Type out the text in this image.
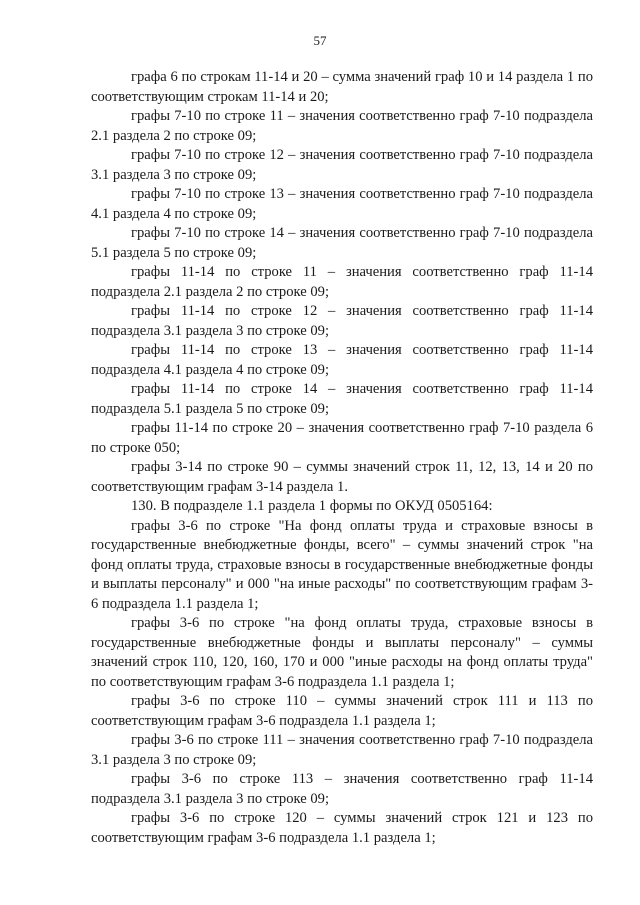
57

графа 6 по строкам 11-14 и 20 – сумма значений граф 10 и 14 раздела 1 по соответствующим строкам 11-14 и 20;

графы 7-10 по строке 11 – значения соответственно граф 7-10 подраздела 2.1 раздела 2 по строке 09;

графы 7-10 по строке 12 – значения соответственно граф 7-10 подраздела 3.1 раздела 3 по строке 09;

графы 7-10 по строке 13 – значения соответственно граф 7-10 подраздела 4.1 раздела 4 по строке 09;

графы 7-10 по строке 14 – значения соответственно граф 7-10 подраздела 5.1 раздела 5 по строке 09;

графы 11-14 по строке 11 – значения соответственно граф 11-14 подраздела 2.1 раздела 2 по строке 09;

графы 11-14 по строке 12 – значения соответственно граф 11-14 подраздела 3.1 раздела 3 по строке 09;

графы 11-14 по строке 13 – значения соответственно граф 11-14 подраздела 4.1 раздела 4 по строке 09;

графы 11-14 по строке 14 – значения соответственно граф 11-14 подраздела 5.1 раздела 5 по строке 09;

графы 11-14 по строке 20 – значения соответственно граф 7-10 раздела 6 по строке 050;

графы 3-14 по строке 90 – суммы значений строк 11, 12, 13, 14 и 20 по соответствующим графам 3-14 раздела 1.

130. В подразделе 1.1 раздела 1 формы по ОКУД 0505164:

графы 3-6 по строке "На фонд оплаты труда и страховые взносы в государственные внебюджетные фонды, всего" – суммы значений строк "на фонд оплаты труда, страховые взносы в государственные внебюджетные фонды и выплаты персоналу" и 000 "на иные расходы" по соответствующим графам 3-6 подраздела 1.1 раздела 1;

графы 3-6 по строке "на фонд оплаты труда, страховые взносы в государственные внебюджетные фонды и выплаты персоналу" – суммы значений строк 110, 120, 160, 170 и 000 "иные расходы на фонд оплаты труда" по соответствующим графам 3-6 подраздела 1.1 раздела 1;

графы 3-6 по строке 110 – суммы значений строк 111 и 113 по соответствующим графам 3-6 подраздела 1.1 раздела 1;

графы 3-6 по строке 111 – значения соответственно граф 7-10 подраздела 3.1 раздела 3 по строке 09;

графы 3-6 по строке 113 – значения соответственно граф 11-14 подраздела 3.1 раздела 3 по строке 09;

графы 3-6 по строке 120 – суммы значений строк 121 и 123 по соответствующим графам 3-6 подраздела 1.1 раздела 1;
